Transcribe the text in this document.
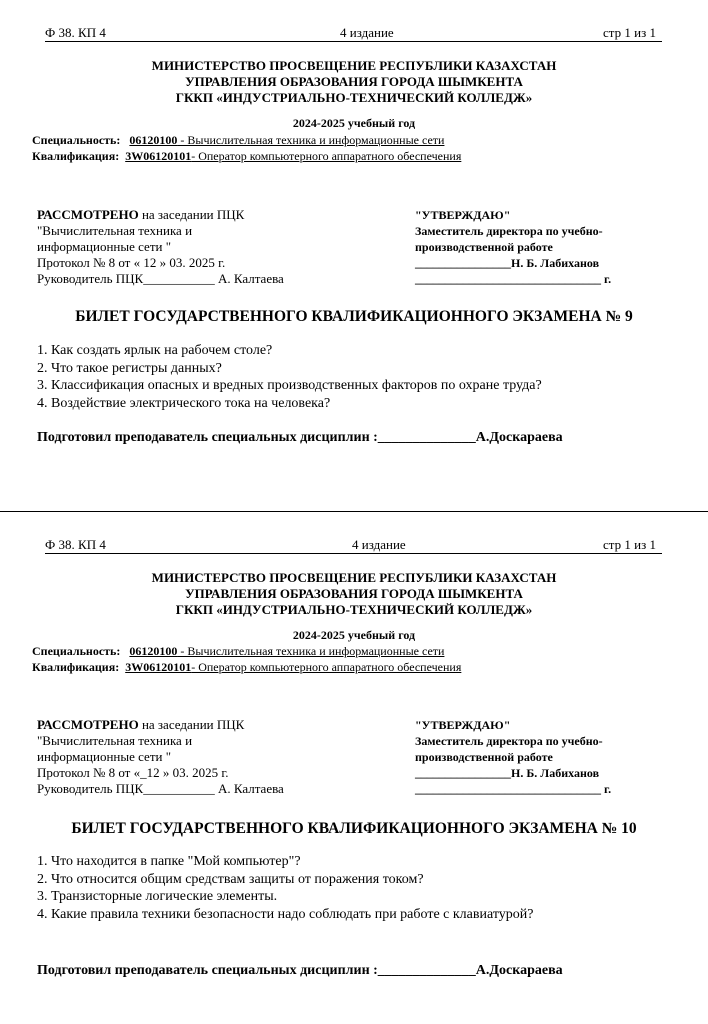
Ф 38. КП 4	4 издание	стр 1 из 1
МИНИСТЕРСТВО ПРОСВЕЩЕНИЕ РЕСПУБЛИКИ КАЗАХСТАН
УПРАВЛЕНИЯ ОБРАЗОВАНИЯ ГОРОДА ШЫМКЕНТА
ГККП «ИНДУСТРИАЛЬНО-ТЕХНИЧЕСКИЙ КОЛЛЕДЖ»
2024-2025 учебный год
Специальность: 06120100 - Вычислительная техника и информационные сети
Квалификация: 3W06120101- Оператор компьютерного аппаратного обеспечения
РАССМОТРЕНО на заседании ПЦК
"Вычислительная техника и
информационные сети "
Протокол № 8 от « 12 » 03. 2025 г.
Руководитель ПЦК___________ А. Калтаева
"УТВЕРЖДАЮ"
Заместитель директора по учебно-
производственной работе
________________Н. Б. Лабиханов
_______________________________ г.
БИЛЕТ ГОСУДАРСТВЕННОГО КВАЛИФИКАЦИОННОГО ЭКЗАМЕНА № 9
1. Как создать ярлык на рабочем столе?
2. Что такое регистры данных?
3. Классификация опасных и вредных производственных факторов по охране труда?
4. Воздействие электрического тока на человека?
Подготовил преподаватель специальных дисциплин :______________А.Доскараева
Ф 38. КП 4	4 издание	стр 1 из 1
МИНИСТЕРСТВО ПРОСВЕЩЕНИЕ РЕСПУБЛИКИ КАЗАХСТАН
УПРАВЛЕНИЯ ОБРАЗОВАНИЯ ГОРОДА ШЫМКЕНТА
ГККП «ИНДУСТРИАЛЬНО-ТЕХНИЧЕСКИЙ КОЛЛЕДЖ»
2024-2025 учебный год
Специальность: 06120100 - Вычислительная техника и информационные сети
Квалификация: 3W06120101- Оператор компьютерного аппаратного обеспечения
РАССМОТРЕНО на заседании ПЦК
"Вычислительная техника и
информационные сети "
Протокол № 8 от «_12 » 03. 2025 г.
Руководитель ПЦК___________ А. Калтаева
"УТВЕРЖДАЮ"
Заместитель директора по учебно-
производственной работе
________________Н. Б. Лабиханов
_______________________________ г.
БИЛЕТ ГОСУДАРСТВЕННОГО КВАЛИФИКАЦИОННОГО ЭКЗАМЕНА № 10
1. Что находится в папке "Мой компьютер"?
2. Что относится общим средствам защиты от поражения током?
3. Транзисторные логические элементы.
4. Какие правила техники безопасности надо соблюдать при работе с клавиатурой?
Подготовил преподаватель специальных дисциплин :______________А.Доскараева
